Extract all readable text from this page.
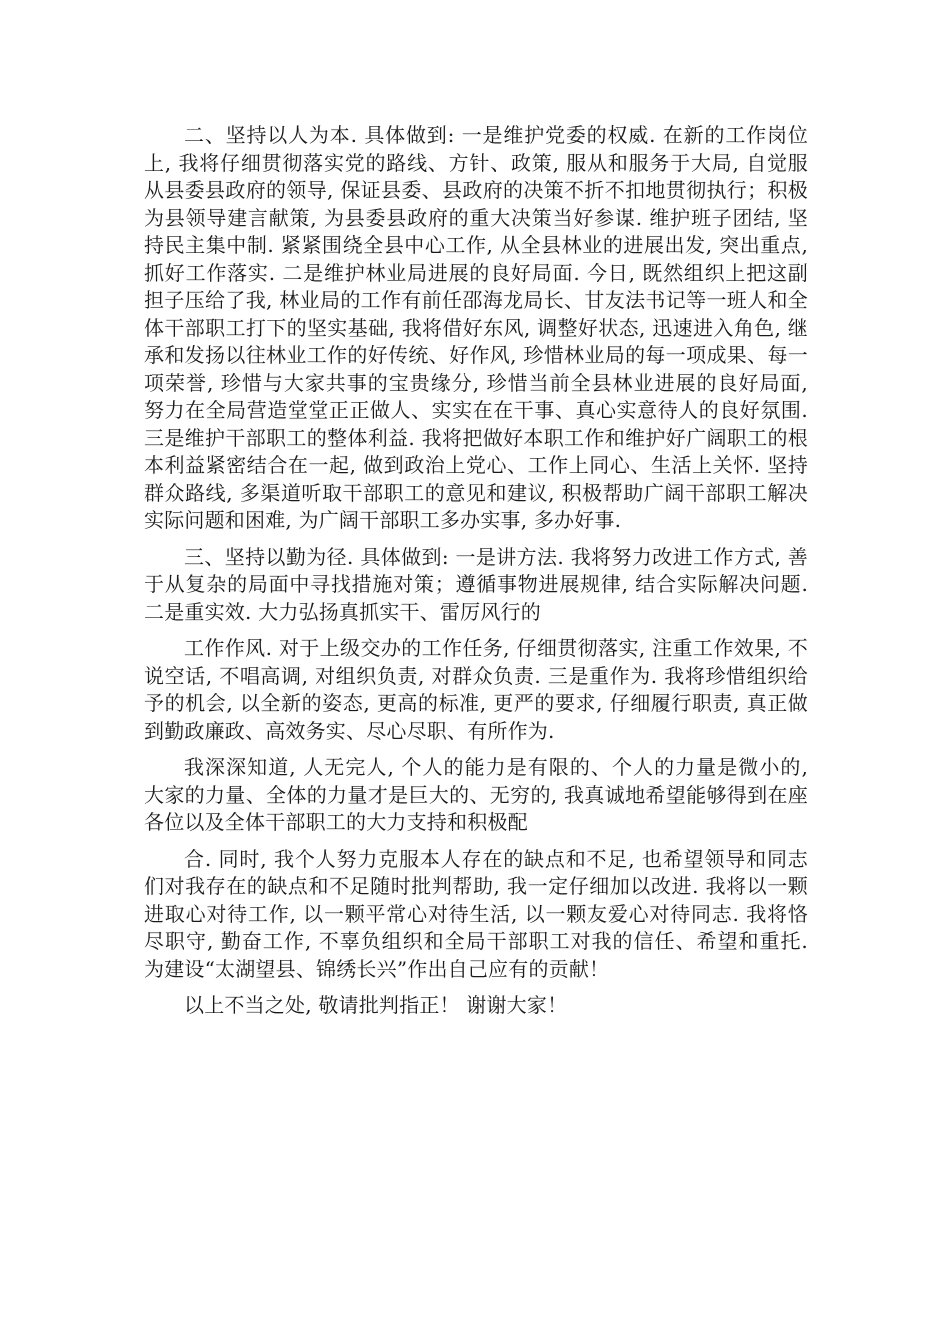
二、坚持以人为本. 具体做到: 一是维护党委的权威. 在新的工作岗位上, 我将仔细贯彻落实党的路线、方针、政策, 服从和服务于大局, 自觉服从县委县政府的领导, 保证县委、县政府的决策不折不扣地贯彻执行；积极为县领导建言献策, 为县委县政府的重大决策当好参谋. 维护班子团结, 坚持民主集中制. 紧紧围绕全县中心工作, 从全县林业的进展出发, 突出重点, 抓好工作落实. 二是维护林业局进展的良好局面. 今日, 既然组织上把这副担子压给了我, 林业局的工作有前任邵海龙局长、甘友法书记等一班人和全体干部职工打下的坚实基础, 我将借好东风, 调整好状态, 迅速进入角色, 继承和发扬以往林业工作的好传统、好作风, 珍惜林业局的每一项成果、每一项荣誉, 珍惜与大家共事的宝贵缘分, 珍惜当前全县林业进展的良好局面, 努力在全局营造堂堂正正做人、实实在在干事、真心实意待人的良好氛围. 三是维护干部职工的整体利益. 我将把做好本职工作和维护好广阔职工的根本利益紧密结合在一起, 做到政治上党心、工作上同心、生活上关怀. 坚持群众路线, 多渠道听取干部职工的意见和建议, 积极帮助广阔干部职工解决实际问题和困难, 为广阔干部职工多办实事, 多办好事.

三、坚持以勤为径. 具体做到: 一是讲方法. 我将努力改进工作方式, 善于从复杂的局面中寻找措施对策；遵循事物进展规律, 结合实际解决问题. 二是重实效. 大力弘扬真抓实干、雷厉风行的

工作作风. 对于上级交办的工作任务, 仔细贯彻落实, 注重工作效果, 不说空话, 不唱高调, 对组织负责, 对群众负责. 三是重作为. 我将珍惜组织给予的机会, 以全新的姿态, 更高的标准, 更严的要求, 仔细履行职责, 真正做到勤政廉政、高效务实、尽心尽职、有所作为.

我深深知道, 人无完人, 个人的能力是有限的、个人的力量是微小的, 大家的力量、全体的力量才是巨大的、无穷的, 我真诚地希望能够得到在座各位以及全体干部职工的大力支持和积极配

合. 同时, 我个人努力克服本人存在的缺点和不足, 也希望领导和同志们对我存在的缺点和不足随时批判帮助, 我一定仔细加以改进. 我将以一颗进取心对待工作, 以一颗平常心对待生活, 以一颗友爱心对待同志. 我将恪尽职守, 勤奋工作, 不辜负组织和全局干部职工对我的信任、希望和重托. 为建设“太湖望县、锦绣长兴”作出自己应有的贡献！

以上不当之处, 敬请批判指正！ 谢谢大家！
